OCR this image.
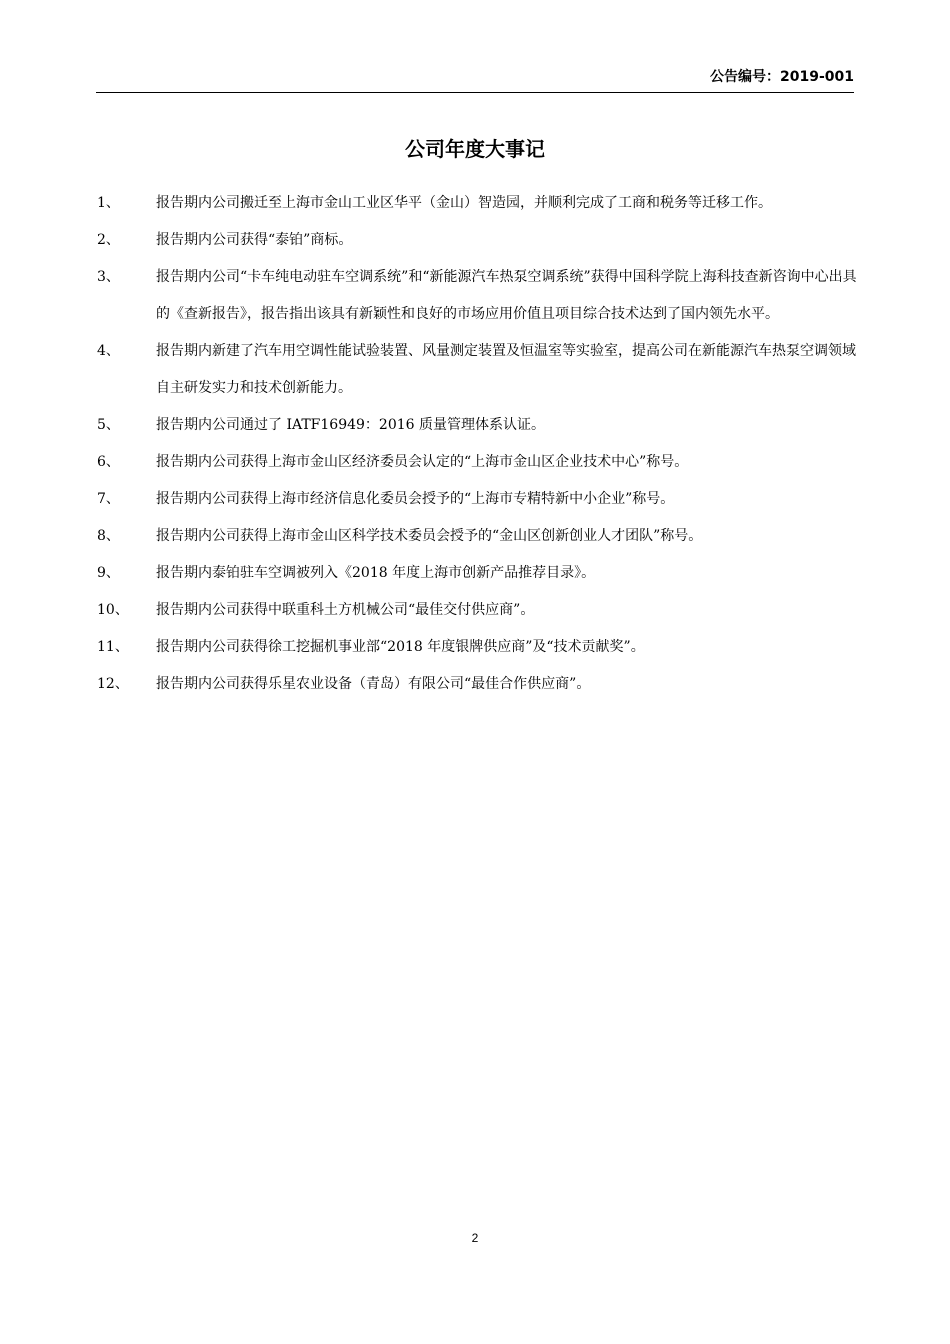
公告编号：2019-001
公司年度大事记
1、	报告期内公司搬迁至上海市金山工业区华平（金山）智造园，并顺利完成了工商和税务等迁移工作。
2、	报告期内公司获得“泰铂”商标。
3、	报告期内公司“卡车纯电动驻车空调系统”和“新能源汽车热泵空调系统”获得中国科学院上海科技查新咨询中心出具的《查新报告》，报告指出该具有新颖性和良好的市场应用价值且项目综合技术达到了国内领先水平。
4、	报告期内新建了汽车用空调性能试验装置、风量测定装置及恒温室等实验室，提高公司在新能源汽车热泵空调领域自主研发实力和技术创新能力。
5、	报告期内公司通过了 IATF16949：2016 质量管理体系认证。
6、	报告期内公司获得上海市金山区经济委员会认定的“上海市金山区企业技术中心”称号。
7、	报告期内公司获得上海市经济信息化委员会授予的“上海市专精特新中小企业”称号。
8、	报告期内公司获得上海市金山区科学技术委员会授予的“金山区创新创业人才团队”称号。
9、	报告期内泰铂驻车空调被列入《2018 年度上海市创新产品推荐目录》。
10、 报告期内公司获得中联重科土方机械公司“最佳交付供应商”。
11、 报告期内公司获得徐工挖掘机事业部“2018 年度银牌供应商”及“技术贡献奖”。
12、 报告期内公司获得乐星农业设备（青岛）有限公司“最佳合作供应商”。
2
